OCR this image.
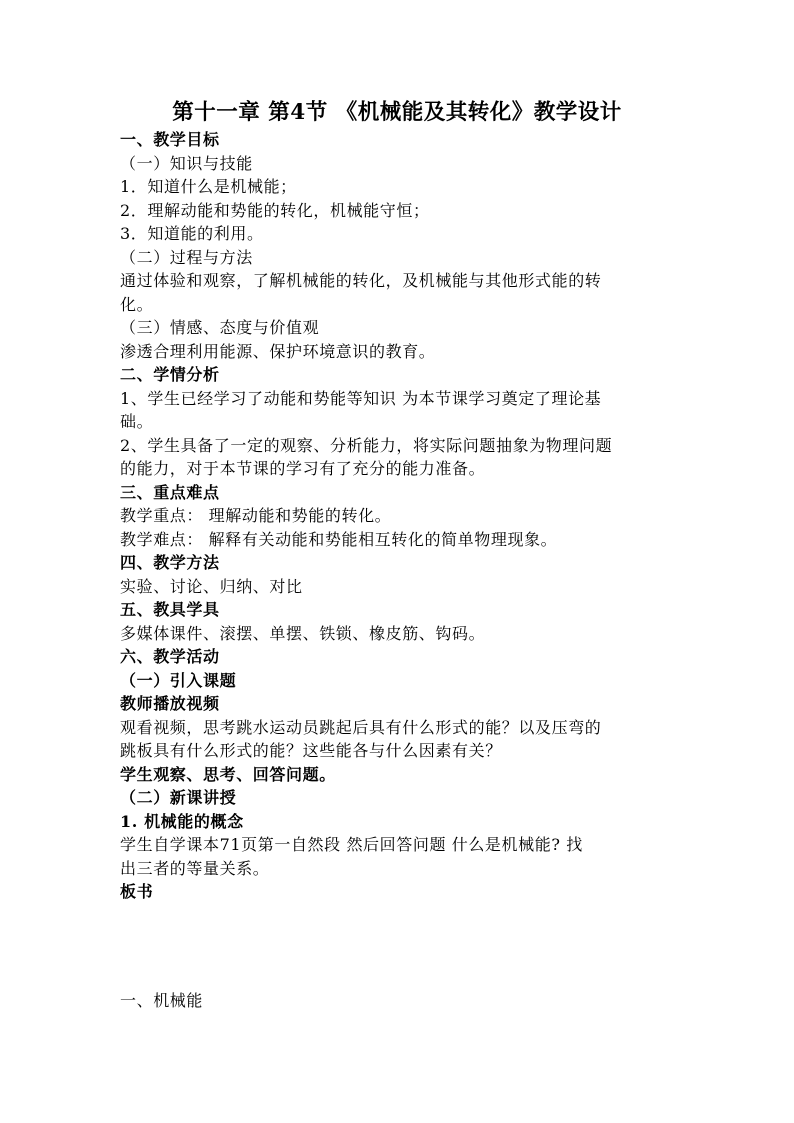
第十一章 第4节 《机械能及其转化》教学设计

一、教学目标

（一）知识与技能

1．知道什么是机械能；

2．理解动能和势能的转化，机械能守恒；

3．知道能的利用。

（二）过程与方法

通过体验和观察，了解机械能的转化，及机械能与其他形式能的转

化。

（三）情感、态度与价值观

渗透合理利用能源、保护环境意识的教育。

二、学情分析

1、学生已经学习了动能和势能等知识 为本节课学习奠定了理论基

础。

2、学生具备了一定的观察、分析能力，将实际问题抽象为物理问题

的能力，对于本节课的学习有了充分的能力准备。

三、重点难点

教学重点： 理解动能和势能的转化。

教学难点： 解释有关动能和势能相互转化的简单物理现象。

四、教学方法

实验、讨论、归纳、对比

五、教具学具

多媒体课件、滚摆、单摆、铁锁、橡皮筋、钩码。

六、教学活动

（一）引入课题

教师播放视频

观看视频，思考跳水运动员跳起后具有什么形式的能？以及压弯的

跳板具有什么形式的能？这些能各与什么因素有关？

学生观察、思考、回答问题。

（二）新课讲授

1. 机械能的概念

学生自学课本71页第一自然段 然后回答问题 什么是机械能? 找

出三者的等量关系。

板书

一、机械能
